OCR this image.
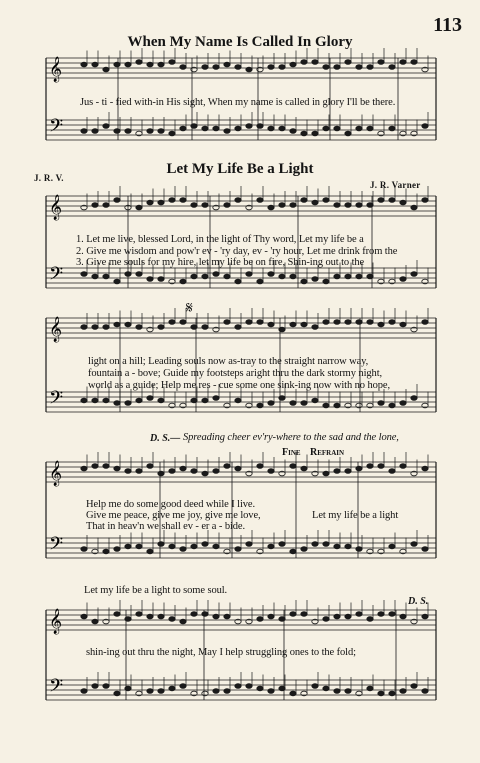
113
When My Name Is Called In Glory
𝄞
𝄢
𝄞
𝄢
𝄞
𝄢
𝄞
𝄢
𝄞
𝄢
Jus - ti - fied with-in His sight, When my name is called in glory I'll be there.
Let My Life Be a Light
J. R. V.
J. R. Varner
1. Let me live, blessed Lord, in the light of Thy word, Let my life be a
2. Give me wisdom and pow'r ev - 'ry day, ev - 'ry hour, Let me drink from the
3. Give me souls for my hire, let my life be on fire, Shin-ing out to the
𝄋
light on a hill; Leading souls now as-tray to the straight narrow way,
fountain a - bove; Guide my footsteps aright thru the dark stormy night,
world as a guide; Help me res - cue some one sink-ing now with no hope,
D. S.— Spreading cheer ev'ry-where to the sad and the lone,
Fine Refrain
Help me do some good deed while I live.
Give me peace, give me joy, give me love,
That in heav'n we shall ev - er a - bide.
Let my life be a light
Let my life be a light to some soul.
D. S.
shin-ing out thru the night, May I help struggling ones to the fold;
